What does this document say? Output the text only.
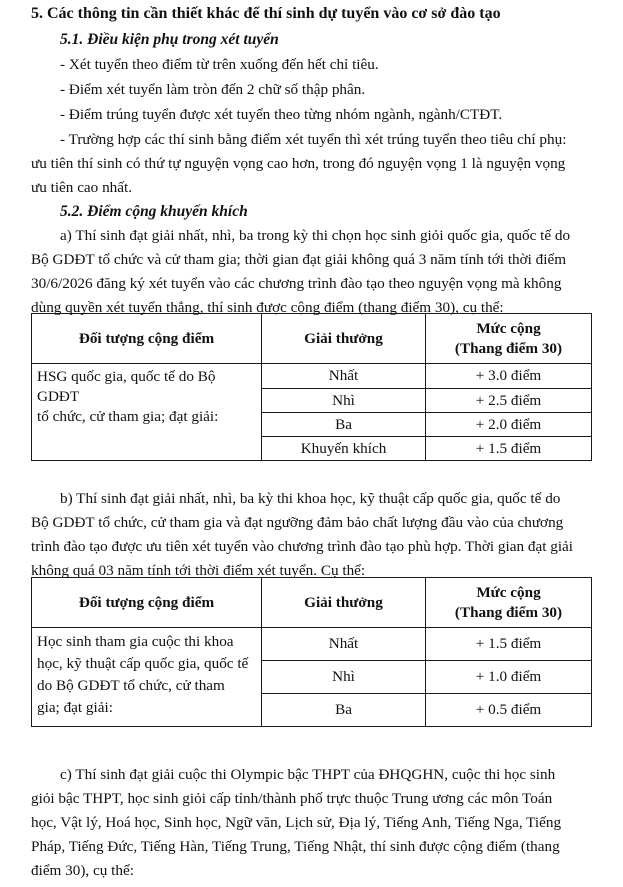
5. Các thông tin cần thiết khác để thí sinh dự tuyển vào cơ sở đào tạo
5.1. Điều kiện phụ trong xét tuyển
- Xét tuyển theo điểm từ trên xuống đến hết chỉ tiêu.
- Điểm xét tuyển làm tròn đến 2 chữ số thập phân.
- Điểm trúng tuyển được xét tuyển theo từng nhóm ngành, ngành/CTĐT.
- Trường hợp các thí sinh bằng điểm xét tuyển thì xét trúng tuyển theo tiêu chí phụ:
ưu tiên thí sinh có thứ tự nguyện vọng cao hơn, trong đó nguyện vọng 1 là nguyện vọng
ưu tiên cao nhất.
5.2. Điểm cộng khuyến khích
a) Thí sinh đạt giải nhất, nhì, ba trong kỳ thi chọn học sinh giỏi quốc gia, quốc tế do
Bộ GDĐT tổ chức và cử tham gia; thời gian đạt giải không quá 3 năm tính tới thời điểm
30/6/2026 đăng ký xét tuyển vào các chương trình đào tạo theo nguyện vọng mà không
dùng quyền xét tuyển thẳng, thí sinh được cộng điểm (thang điểm 30), cụ thể:
Đối tượng cộng điểm	Giải thưởng	Mức cộng
(Thang điểm 30)

HSG quốc gia, quốc tế do Bộ GDĐT
tổ chức, cử tham gia; đạt giải:	Nhất	+ 3.0 điểm
	Nhì	+ 2.5 điểm
	Ba	+ 2.0 điểm
	Khuyến khích	+ 1.5 điểm
b) Thí sinh đạt giải nhất, nhì, ba kỳ thi khoa học, kỹ thuật cấp quốc gia, quốc tế do
Bộ GDĐT tổ chức, cử tham gia và đạt ngưỡng đảm bảo chất lượng đầu vào của chương
trình đào tạo được ưu tiên xét tuyển vào chương trình đào tạo phù hợp. Thời gian đạt giải
không quá 03 năm tính tới thời điểm xét tuyển. Cụ thể:
Đối tượng cộng điểm	Giải thưởng	Mức cộng
(Thang điểm 30)

Học sinh tham gia cuộc thi khoa
học, kỹ thuật cấp quốc gia, quốc tế
do Bộ GDĐT tổ chức, cử tham
gia; đạt giải:	Nhất	+ 1.5 điểm
	Nhì	+ 1.0 điểm
	Ba	+ 0.5 điểm
c) Thí sinh đạt giải cuộc thi Olympic bậc THPT của ĐHQGHN, cuộc thi học sinh
giỏi bậc THPT, học sinh giỏi cấp tỉnh/thành phố trực thuộc Trung ương các môn Toán
học, Vật lý, Hoá học, Sinh học, Ngữ văn, Lịch sử, Địa lý, Tiếng Anh, Tiếng Nga, Tiếng
Pháp, Tiếng Đức, Tiếng Hàn, Tiếng Trung, Tiếng Nhật, thí sinh được cộng điểm (thang
điểm 30), cụ thể:
